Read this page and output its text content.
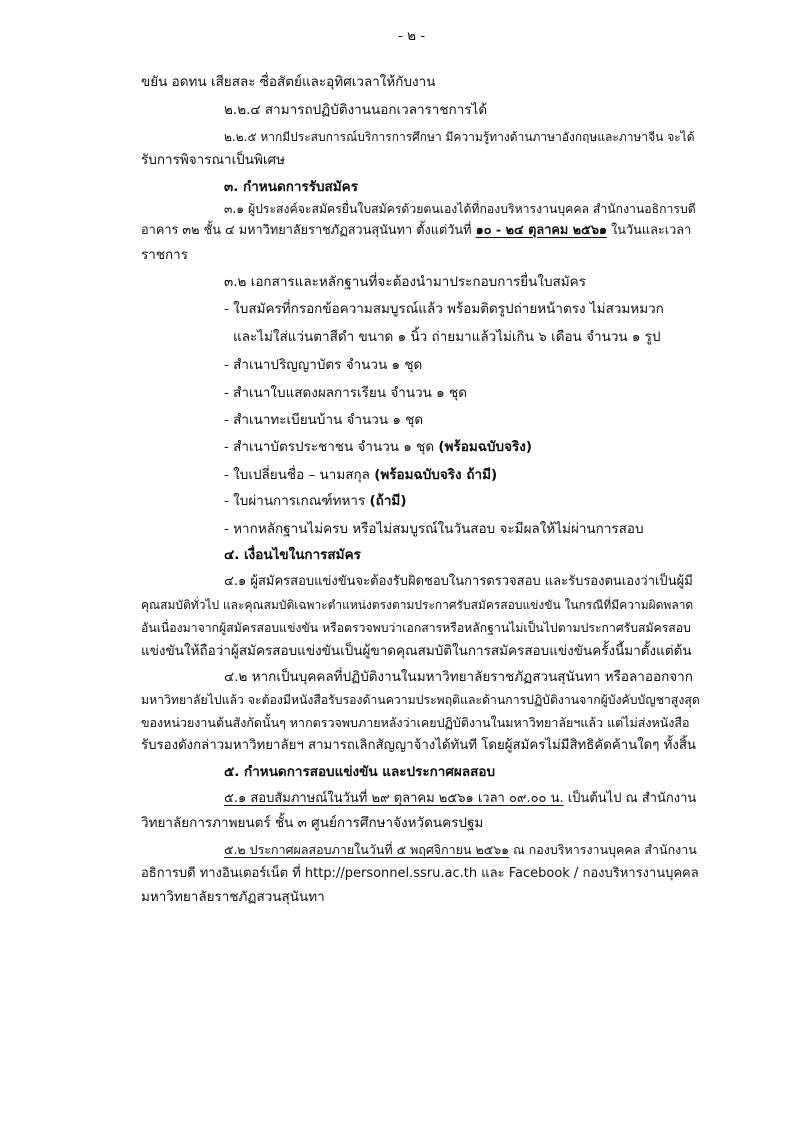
- ๒ -
ขยัน อดทน เสียสละ ซื่อสัตย์และอุทิศเวลาให้กับงาน
๒.๒.๔ สามารถปฏิบัติงานนอกเวลาราชการได้
๒.๒.๕ หากมีประสบการณ์บริการการศึกษา มีความรู้ทางด้านภาษาอังกฤษและภาษาจีน จะได้
รับการพิจารณาเป็นพิเศษ
๓. กำหนดการรับสมัคร
๓.๑ ผู้ประสงค์จะสมัครยื่นใบสมัครด้วยตนเองได้ที่กองบริหารงานบุคคล สำนักงานอธิการบดี
อาคาร ๓๒ ชั้น ๔ มหาวิทยาลัยราชภัฏสวนสุนันทา ตั้งแต่วันที่ ๑๐ - ๒๔ ตุลาคม ๒๕๖๑ ในวันและเวลา
ราชการ
๓.๒ เอกสารและหลักฐานที่จะต้องนำมาประกอบการยื่นใบสมัคร
- ใบสมัครที่กรอกข้อความสมบูรณ์แล้ว พร้อมติดรูปถ่ายหน้าตรง ไม่สวมหมวก
และไม่ใส่แว่นตาสีดำ ขนาด ๑ นิ้ว ถ่ายมาแล้วไม่เกิน ๖ เดือน จำนวน ๑ รูป
- สำเนาปริญญาบัตร จำนวน ๑ ชุด
- สำเนาใบแสดงผลการเรียน จำนวน ๑ ชุด
- สำเนาทะเบียนบ้าน จำนวน ๑ ชุด
- สำเนาบัตรประชาชน จำนวน ๑ ชุด (พร้อมฉบับจริง)
- ใบเปลี่ยนชื่อ – นามสกุล (พร้อมฉบับจริง ถ้ามี)
- ใบผ่านการเกณฑ์ทหาร (ถ้ามี)
- หากหลักฐานไม่ครบ หรือไม่สมบูรณ์ในวันสอบ จะมีผลให้ไม่ผ่านการสอบ
๔. เงื่อนไขในการสมัคร
๔.๑ ผู้สมัครสอบแข่งขันจะต้องรับผิดชอบในการตรวจสอบ และรับรองตนเองว่าเป็นผู้มี
คุณสมบัติทั่วไป และคุณสมบัติเฉพาะตำแหน่งตรงตามประกาศรับสมัครสอบแข่งขัน ในกรณีที่มีความผิดพลาด
อันเนื่องมาจากผู้สมัครสอบแข่งขัน หรือตรวจพบว่าเอกสารหรือหลักฐานไม่เป็นไปตามประกาศรับสมัครสอบ
แข่งขันให้ถือว่าผู้สมัครสอบแข่งขันเป็นผู้ขาดคุณสมบัติในการสมัครสอบแข่งขันครั้งนี้มาตั้งแต่ต้น
๔.๒ หากเป็นบุคคลที่ปฏิบัติงานในมหาวิทยาลัยราชภัฏสวนสุนันทา หรือลาออกจาก
มหาวิทยาลัยไปแล้ว จะต้องมีหนังสือรับรองด้านความประพฤติและด้านการปฏิบัติงานจากผู้บังคับบัญชาสูงสุด
ของหน่วยงานต้นสังกัดนั้นๆ หากตรวจพบภายหลังว่าเคยปฏิบัติงานในมหาวิทยาลัยฯแล้ว แต่ไม่ส่งหนังสือ
รับรองดังกล่าวมหาวิทยาลัยฯ สามารถเลิกสัญญาจ้างได้ทันที โดยผู้สมัครไม่มีสิทธิคัดค้านใดๆ ทั้งสิ้น
๕. กำหนดการสอบแข่งขัน และประกาศผลสอบ
๕.๑ สอบสัมภาษณ์ในวันที่ ๒๙ ตุลาคม ๒๕๖๑ เวลา ๐๙.๐๐ น. เป็นต้นไป ณ สำนักงาน
วิทยาลัยการภาพยนตร์ ชั้น ๓ ศูนย์การศึกษาจังหวัดนครปฐม
๕.๒ ประกาศผลสอบภายในวันที่ ๕ พฤศจิกายน ๒๕๖๑ ณ กองบริหารงานบุคคล สำนักงาน
อธิการบดี ทางอินเตอร์เน็ต ที่ http://personnel.ssru.ac.th และ Facebook / กองบริหารงานบุคคล
มหาวิทยาลัยราชภัฏสวนสุนันทา
